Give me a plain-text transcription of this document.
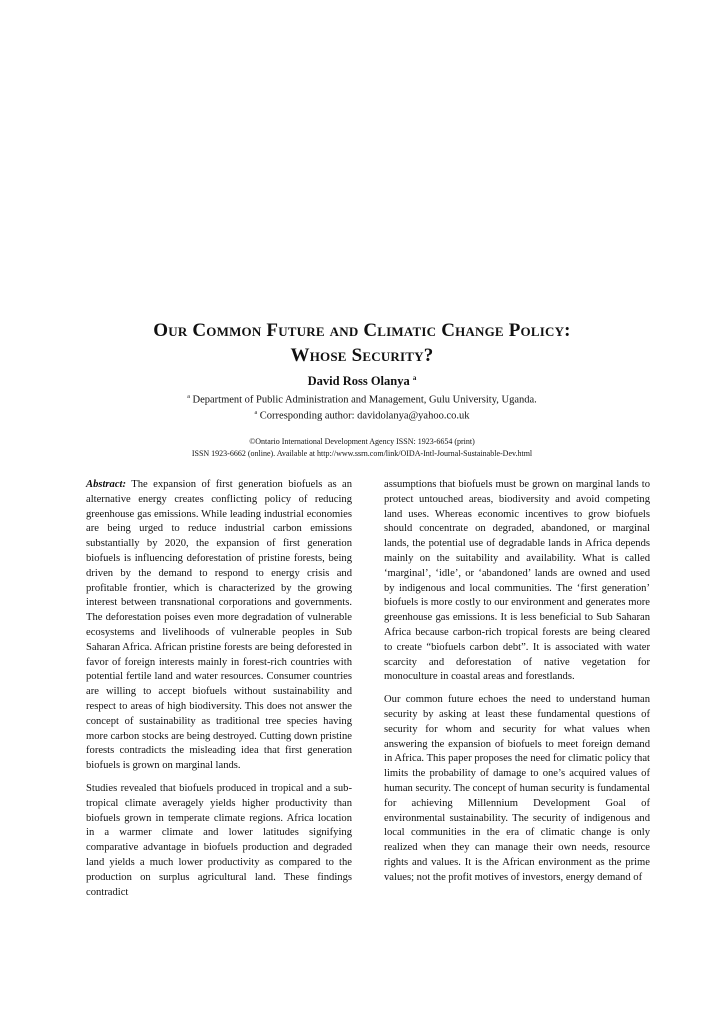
Our Common Future and Climatic Change Policy:
Whose Security?
David Ross Olanya $^a$
$^a$ Department of Public Administration and Management, Gulu University, Uganda.
$^a$ Corresponding author: davidolanya@yahoo.co.uk
©Ontario International Development Agency ISSN: 1923-6654 (print)
ISSN 1923-6662 (online). Available at http://www.ssrn.com/link/OIDA-Intl-Journal-Sustainable-Dev.html

Abstract: The expansion of first generation biofuels as an alternative energy creates conflicting policy of reducing greenhouse gas emissions. While leading industrial economies are being urged to reduce industrial carbon emissions substantially by 2020, the expansion of first generation biofuels is influencing deforestation of pristine forests, being driven by the demand to respond to energy crisis and profitable frontier, which is characterized by the growing interest between transnational corporations and governments. The deforestation poises even more degradation of vulnerable ecosystems and livelihoods of vulnerable peoples in Sub Saharan Africa. African pristine forests are being deforested in favor of foreign interests mainly in forest-rich countries with potential fertile land and water resources. Consumer countries are willing to accept biofuels without sustainability and respect to areas of high biodiversity. This does not answer the concept of sustainability as traditional tree species having more carbon stocks are being destroyed. Cutting down pristine forests contradicts the misleading idea that first generation biofuels is grown on marginal lands.

Studies revealed that biofuels produced in tropical and a sub-tropical climate averagely yields higher productivity than biofuels grown in temperate climate regions. Africa location in a warmer climate and lower latitudes signifying comparative advantage in biofuels production and degraded land yields a much lower productivity as compared to the production on surplus agricultural land. These findings contradict

assumptions that biofuels must be grown on marginal lands to protect untouched areas, biodiversity and avoid competing land uses. Whereas economic incentives to grow biofuels should concentrate on degraded, abandoned, or marginal lands, the potential use of degradable lands in Africa depends mainly on the suitability and availability. What is called ‘marginal’, ‘idle’, or ‘abandoned’ lands are owned and used by indigenous and local communities. The ‘first generation’ biofuels is more costly to our environment and generates more greenhouse gas emissions. It is less beneficial to Sub Saharan Africa because carbon-rich tropical forests are being cleared to create “biofuels carbon debt”. It is associated with water scarcity and deforestation of native vegetation for monoculture in coastal areas and forestlands.

Our common future echoes the need to understand human security by asking at least these fundamental questions of security for whom and security for what values when answering the expansion of biofuels to meet foreign demand in Africa. This paper proposes the need for climatic policy that limits the probability of damage to one’s acquired values of human security. The concept of human security is fundamental for achieving Millennium Development Goal of environmental sustainability. The security of indigenous and local communities in the era of climatic change is only realized when they can manage their own needs, resource rights and values. It is the African environment as the prime values; not the profit motives of investors, energy demand of
